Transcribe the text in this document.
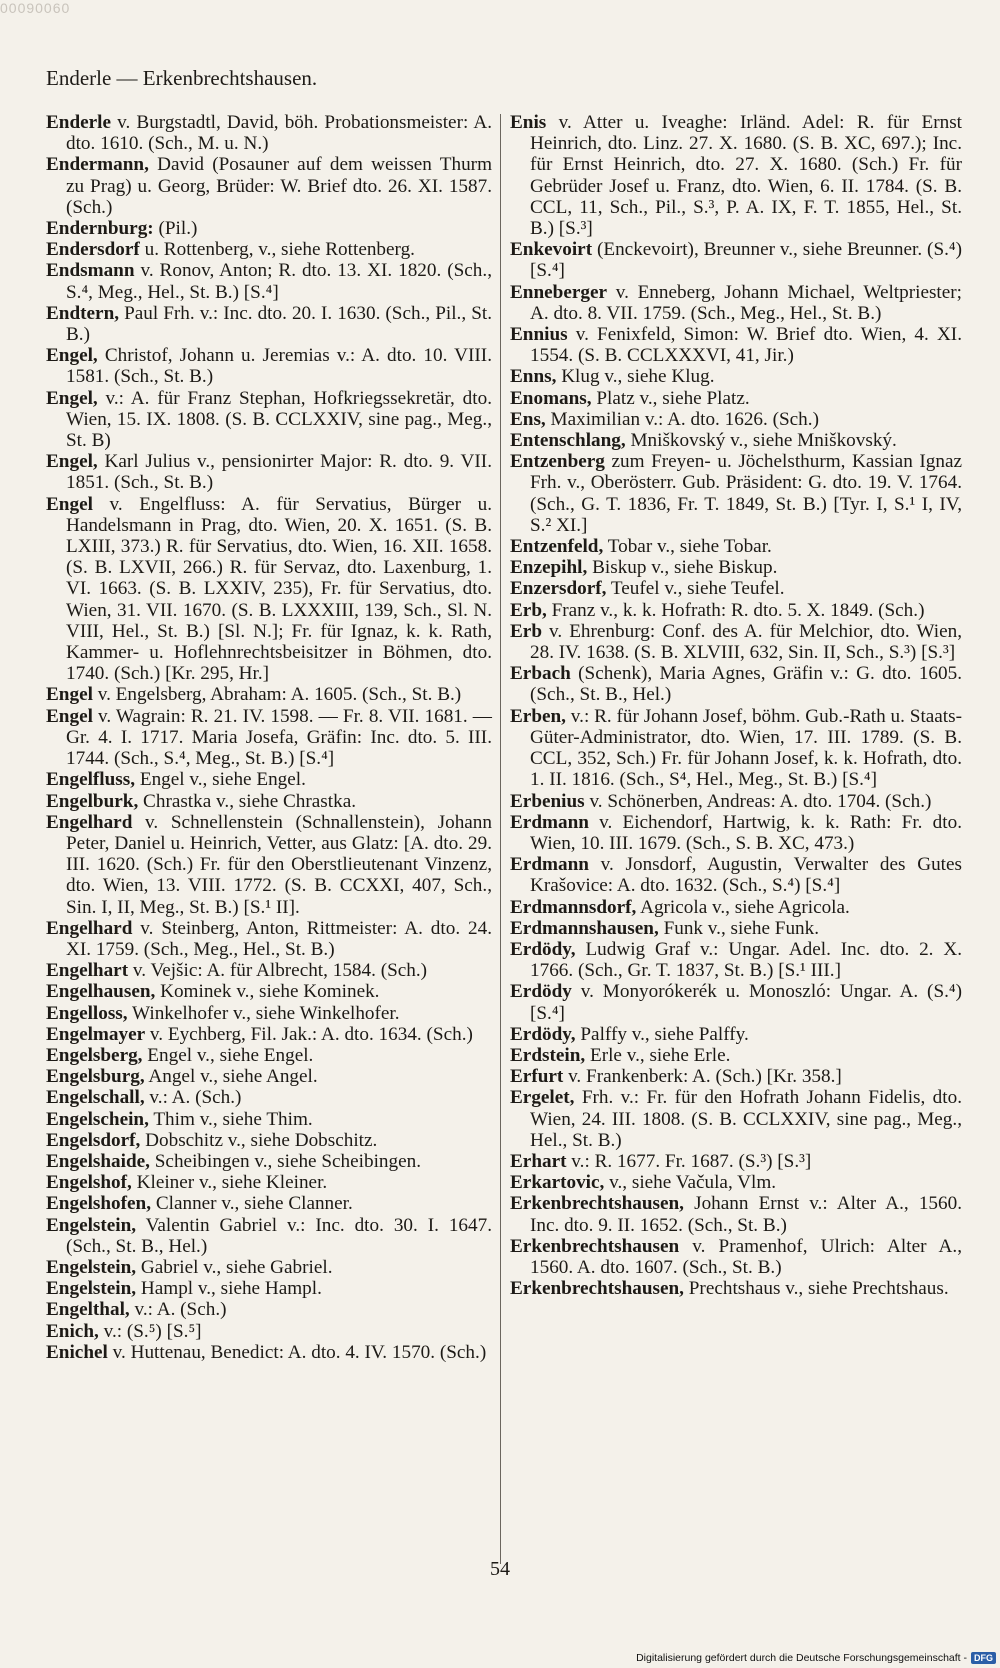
00090060
Enderle — Erkenbrechtshausen.

Enderle v. Burgstadtl, David, böh. Probationsmeister: A. dto. 1610. (Sch., M. u. N.)

Endermann, David (Posauner auf dem weissen Thurm zu Prag) u. Georg, Brüder: W. Brief dto. 26. XI. 1587. (Sch.)

Endernburg: (Pil.)

Endersdorf u. Rottenberg, v., siehe Rottenberg.

Endsmann v. Ronov, Anton; R. dto. 13. XI. 1820. (Sch., S.⁴, Meg., Hel., St. B.) [S.⁴]

Endtern, Paul Frh. v.: Inc. dto. 20. I. 1630. (Sch., Pil., St. B.)

Engel, Christof, Johann u. Jeremias v.: A. dto. 10. VIII. 1581. (Sch., St. B.)

Engel, v.: A. für Franz Stephan, Hofkriegssekretär, dto. Wien, 15. IX. 1808. (S. B. CCLXXIV, sine pag., Meg., St. B)

Engel, Karl Julius v., pensionirter Major: R. dto. 9. VII. 1851. (Sch., St. B.)

Engel v. Engelfluss: A. für Servatius, Bürger u. Handelsmann in Prag, dto. Wien, 20. X. 1651. (S. B. LXIII, 373.) R. für Servatius, dto. Wien, 16. XII. 1658. (S. B. LXVII, 266.) R. für Servaz, dto. Laxenburg, 1. VI. 1663. (S. B. LXXIV, 235), Fr. für Servatius, dto. Wien, 31. VII. 1670. (S. B. LXXXIII, 139, Sch., Sl. N. VIII, Hel., St. B.) [Sl. N.]; Fr. für Ignaz, k. k. Rath, Kammer- u. Hoflehnrechtsbeisitzer in Böhmen, dto. 1740. (Sch.) [Kr. 295, Hr.]

Engel v. Engelsberg, Abraham: A. 1605. (Sch., St. B.)

Engel v. Wagrain: R. 21. IV. 1598. — Fr. 8. VII. 1681. — Gr. 4. I. 1717. Maria Josefa, Gräfin: Inc. dto. 5. III. 1744. (Sch., S.⁴, Meg., St. B.) [S.⁴]

Engelfluss, Engel v., siehe Engel.

Engelburk, Chrastka v., siehe Chrastka.

Engelhard v. Schnellenstein (Schnallenstein), Johann Peter, Daniel u. Heinrich, Vetter, aus Glatz: [A. dto. 29. III. 1620. (Sch.) Fr. für den Oberstlieutenant Vinzenz, dto. Wien, 13. VIII. 1772. (S. B. CCXXI, 407, Sch., Sin. I, II, Meg., St. B.) [S.¹ II].

Engelhard v. Steinberg, Anton, Rittmeister: A. dto. 24. XI. 1759. (Sch., Meg., Hel., St. B.)

Engelhart v. Vejšic: A. für Albrecht, 1584. (Sch.)

Engelhausen, Kominek v., siehe Kominek.

Engelloss, Winkelhofer v., siehe Winkelhofer.

Engelmayer v. Eychberg, Fil. Jak.: A. dto. 1634. (Sch.)

Engelsberg, Engel v., siehe Engel.

Engelsburg, Angel v., siehe Angel.

Engelschall, v.: A. (Sch.)

Engelschein, Thim v., siehe Thim.

Engelsdorf, Dobschitz v., siehe Dobschitz.

Engelshaide, Scheibingen v., siehe Scheibingen.

Engelshof, Kleiner v., siehe Kleiner.

Engelshofen, Clanner v., siehe Clanner.

Engelstein, Valentin Gabriel v.: Inc. dto. 30. I. 1647. (Sch., St. B., Hel.)

Engelstein, Gabriel v., siehe Gabriel.

Engelstein, Hampl v., siehe Hampl.

Engelthal, v.: A. (Sch.)

Enich, v.: (S.⁵) [S.⁵]

Enichel v. Huttenau, Benedict: A. dto. 4. IV. 1570. (Sch.)

Enis v. Atter u. Iveaghe: Irländ. Adel: R. für Ernst Heinrich, dto. Linz. 27. X. 1680. (S. B. XC, 697.); Inc. für Ernst Heinrich, dto. 27. X. 1680. (Sch.) Fr. für Gebrüder Josef u. Franz, dto. Wien, 6. II. 1784. (S. B. CCL, 11, Sch., Pil., S.³, P. A. IX, F. T. 1855, Hel., St. B.) [S.³]

Enkevoirt (Enckevoirt), Breunner v., siehe Breunner. (S.⁴) [S.⁴]

Enneberger v. Enneberg, Johann Michael, Weltpriester; A. dto. 8. VII. 1759. (Sch., Meg., Hel., St. B.)

Ennius v. Fenixfeld, Simon: W. Brief dto. Wien, 4. XI. 1554. (S. B. CCLXXXVI, 41, Jir.)

Enns, Klug v., siehe Klug.

Enomans, Platz v., siehe Platz.

Ens, Maximilian v.: A. dto. 1626. (Sch.)

Entenschlang, Mniškovský v., siehe Mniškovský.

Entzenberg zum Freyen- u. Jöchelsthurm, Kassian Ignaz Frh. v., Oberösterr. Gub. Präsident: G. dto. 19. V. 1764. (Sch., G. T. 1836, Fr. T. 1849, St. B.) [Tyr. I, S.¹ I, IV, S.² XI.]

Entzenfeld, Tobar v., siehe Tobar.

Enzepihl, Biskup v., siehe Biskup.

Enzersdorf, Teufel v., siehe Teufel.

Erb, Franz v., k. k. Hofrath: R. dto. 5. X. 1849. (Sch.)

Erb v. Ehrenburg: Conf. des A. für Melchior, dto. Wien, 28. IV. 1638. (S. B. XLVIII, 632, Sin. II, Sch., S.³) [S.³]

Erbach (Schenk), Maria Agnes, Gräfin v.: G. dto. 1605. (Sch., St. B., Hel.)

Erben, v.: R. für Johann Josef, böhm. Gub.-Rath u. Staats-Güter-Administrator, dto. Wien, 17. III. 1789. (S. B. CCL, 352, Sch.) Fr. für Johann Josef, k. k. Hofrath, dto. 1. II. 1816. (Sch., S⁴, Hel., Meg., St. B.) [S.⁴]

Erbenius v. Schönerben, Andreas: A. dto. 1704. (Sch.)

Erdmann v. Eichendorf, Hartwig, k. k. Rath: Fr. dto. Wien, 10. III. 1679. (Sch., S. B. XC, 473.)

Erdmann v. Jonsdorf, Augustin, Verwalter des Gutes Krašovice: A. dto. 1632. (Sch., S.⁴) [S.⁴]

Erdmannsdorf, Agricola v., siehe Agricola.

Erdmannshausen, Funk v., siehe Funk.

Erdödy, Ludwig Graf v.: Ungar. Adel. Inc. dto. 2. X. 1766. (Sch., Gr. T. 1837, St. B.) [S.¹ III.]

Erdödy v. Monyorókerék u. Monoszló: Ungar. A. (S.⁴) [S.⁴]

Erdödy, Palffy v., siehe Palffy.

Erdstein, Erle v., siehe Erle.

Erfurt v. Frankenberk: A. (Sch.) [Kr. 358.]

Ergelet, Frh. v.: Fr. für den Hofrath Johann Fidelis, dto. Wien, 24. III. 1808. (S. B. CCLXXIV, sine pag., Meg., Hel., St. B.)

Erhart v.: R. 1677. Fr. 1687. (S.³) [S.³]

Erkartovic, v., siehe Vačula, Vlm.

Erkenbrechtshausen, Johann Ernst v.: Alter A., 1560. Inc. dto. 9. II. 1652. (Sch., St. B.)

Erkenbrechtshausen v. Pramenhof, Ulrich: Alter A., 1560. A. dto. 1607. (Sch., St. B.)

Erkenbrechtshausen, Prechtshaus v., siehe Prechtshaus.

54
Digitalisierung gefördert durch die Deutsche Forschungsgemeinschaft - DFG
